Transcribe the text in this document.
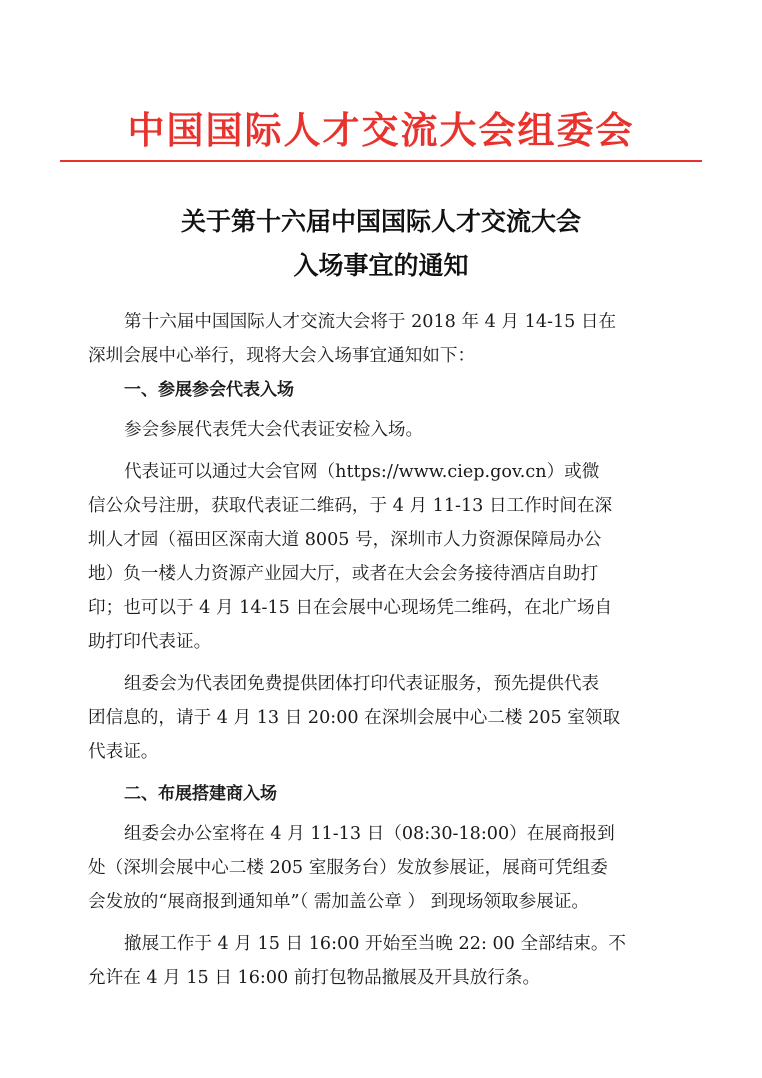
中国国际人才交流大会组委会
关于第十六届中国国际人才交流大会
入场事宜的通知
第十六届中国国际人才交流大会将于 2018 年 4 月 14-15 日在
深圳会展中心举行，现将大会入场事宜通知如下：
一、参展参会代表入场
参会参展代表凭大会代表证安检入场。
代表证可以通过大会官网（https://www.ciep.gov.cn）或微
信公众号注册，获取代表证二维码，于 4 月 11-13 日工作时间在深
圳人才园（福田区深南大道 8005 号，深圳市人力资源保障局办公
地）负一楼人力资源产业园大厅，或者在大会会务接待酒店自助打
印；也可以于 4 月 14-15 日在会展中心现场凭二维码，在北广场自
助打印代表证。
组委会为代表团免费提供团体打印代表证服务，预先提供代表
团信息的，请于 4 月 13 日 20:00 在深圳会展中心二楼 205 室领取
代表证。
二、布展搭建商入场
组委会办公室将在 4 月 11-13 日（08:30-18:00）在展商报到
处（深圳会展中心二楼 205 室服务台）发放参展证，展商可凭组委
会发放的“展商报到通知单”（ 需加盖公章 ） 到现场领取参展证。
撤展工作于 4 月 15 日 16:00 开始至当晚 22: 00 全部结束。不
允许在 4 月 15 日 16:00 前打包物品撤展及开具放行条。
